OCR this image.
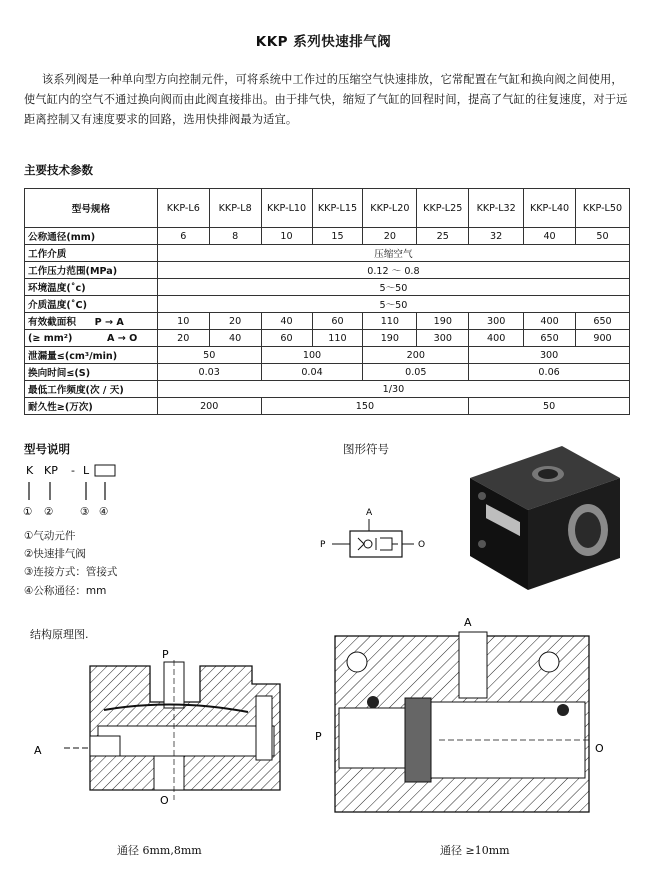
KKP 系列快速排气阀
该系列阀是一种单向型方向控制元件，可将系统中工作过的压缩空气快速排放，它常配置在气缸和换向阀之间使用，使气缸内的空气不通过换向阀而由此阀直接排出。由于排气快，缩短了气缸的回程时间，提高了气缸的往复速度，对于远距离控制又有速度要求的回路，选用快排阀最为适宜。
主要技术参数
型号规格	KKP-L6	KKP-L8	KKP-L10	KKP-L15	KKP-L20	KKP-L25	KKP-L32	KKP-L40	KKP-L50
公称通径(mm)	6	8	10	15	20	25	32	40	50
工作介质	压缩空气								
工作压力范围(MPa)	0.12 ～ 0.8								
环境温度(˚c)	5～50								
介质温度(˚C)	5～50								
有效截面积 P → A	10	20	40	60	110	190	300	400	650
(≥ mm²) A → O	20	40	60	110	190	300	400	650	900
泄漏量≤(cm³/min)	50		100		200		300		
换向时间≤(S)	0.03		0.04		0.05		0.06		
最低工作频度(次 / 天)	1/30								
耐久性≥(万次)	200		150				50		
型号说明
K KP - L
① ②	③ ④
①气动元件
②快速排气阀
③连接方式：管接式
④公称通径：mm
图形符号
A
P	O
结构原理图.
P
A
O
A
P
O
通径 6mm,8mm	通径 ≥10mm
